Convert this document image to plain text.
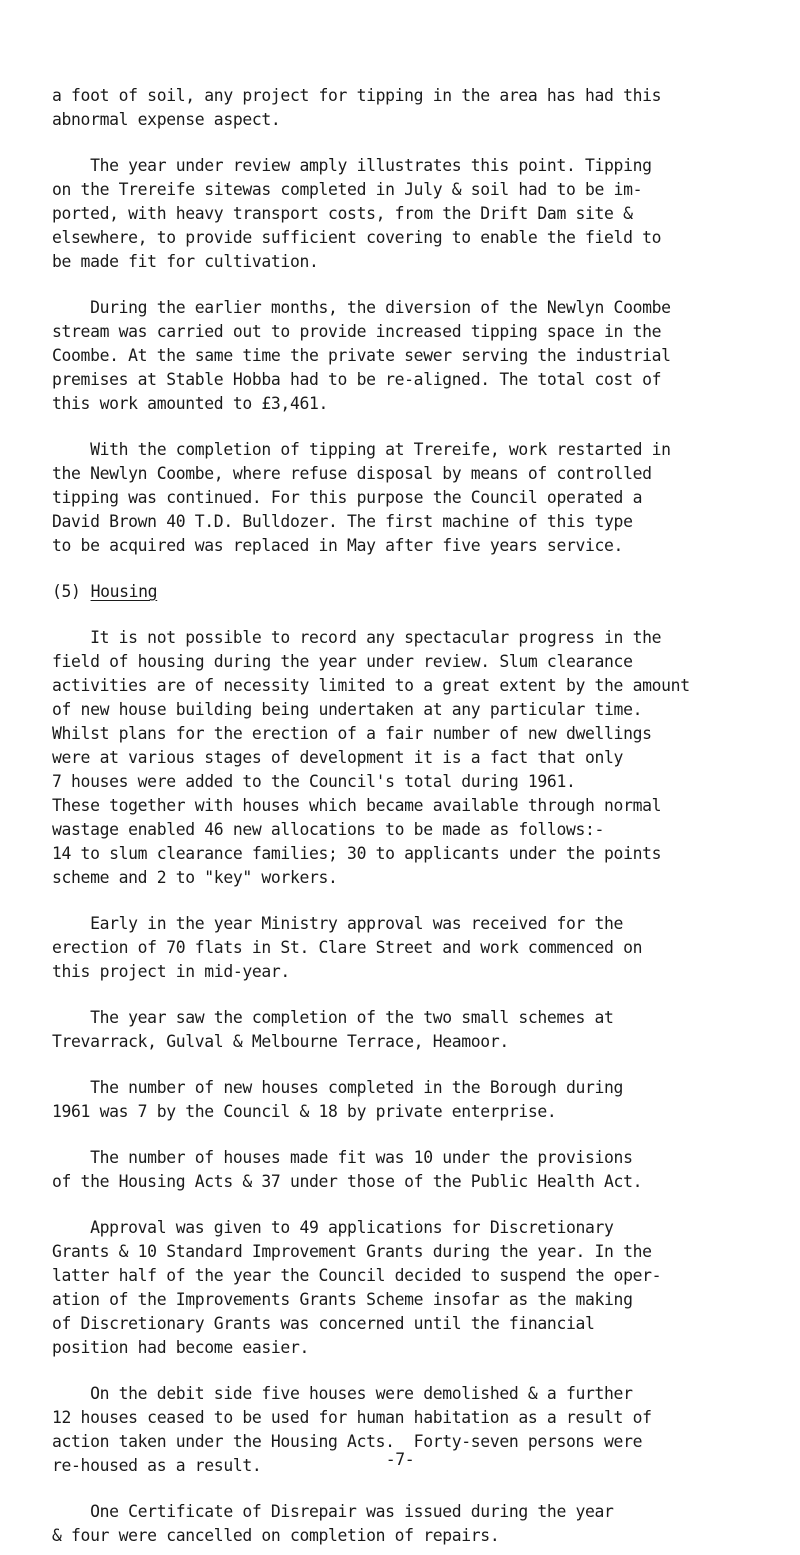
a foot of soil, any project for tipping in the area has had this
abnormal expense aspect.

The year under review amply illustrates this point. Tipping
on the Trereife sitewas completed in July & soil had to be im-
ported, with heavy transport costs, from the Drift Dam site &
elsewhere, to provide sufficient covering to enable the field to
be made fit for cultivation.

During the earlier months, the diversion of the Newlyn Coombe
stream was carried out to provide increased tipping space in the
Coombe. At the same time the private sewer serving the industrial
premises at Stable Hobba had to be re-aligned. The total cost of
this work amounted to £3,461.

With the completion of tipping at Trereife, work restarted in
the Newlyn Coombe, where refuse disposal by means of controlled
tipping was continued. For this purpose the Council operated a
David Brown 40 T.D. Bulldozer. The first machine of this type
to be acquired was replaced in May after five years service.

(5) Housing

It is not possible to record any spectacular progress in the
field of housing during the year under review. Slum clearance
activities are of necessity limited to a great extent by the amount
of new house building being undertaken at any particular time.
Whilst plans for the erection of a fair number of new dwellings
were at various stages of development it is a fact that only
7 houses were added to the Council's total during 1961.
These together with houses which became available through normal
wastage enabled 46 new allocations to be made as follows:-
14 to slum clearance families; 30 to applicants under the points
scheme and 2 to "key" workers.

Early in the year Ministry approval was received for the
erection of 70 flats in St. Clare Street and work commenced on
this project in mid-year.

The year saw the completion of the two small schemes at
Trevarrack, Gulval & Melbourne Terrace, Heamoor.

The number of new houses completed in the Borough during
1961 was 7 by the Council & 18 by private enterprise.

The number of houses made fit was 10 under the provisions
of the Housing Acts & 37 under those of the Public Health Act.

Approval was given to 49 applications for Discretionary
Grants & 10 Standard Improvement Grants during the year. In the
latter half of the year the Council decided to suspend the oper-
ation of the Improvements Grants Scheme insofar as the making
of Discretionary Grants was concerned until the financial
position had become easier.

On the debit side five houses were demolished & a further
12 houses ceased to be used for human habitation as a result of
action taken under the Housing Acts.  Forty-seven persons were
re-housed as a result.

One Certificate of Disrepair was issued during the year
& four were cancelled on completion of repairs.

-7-
